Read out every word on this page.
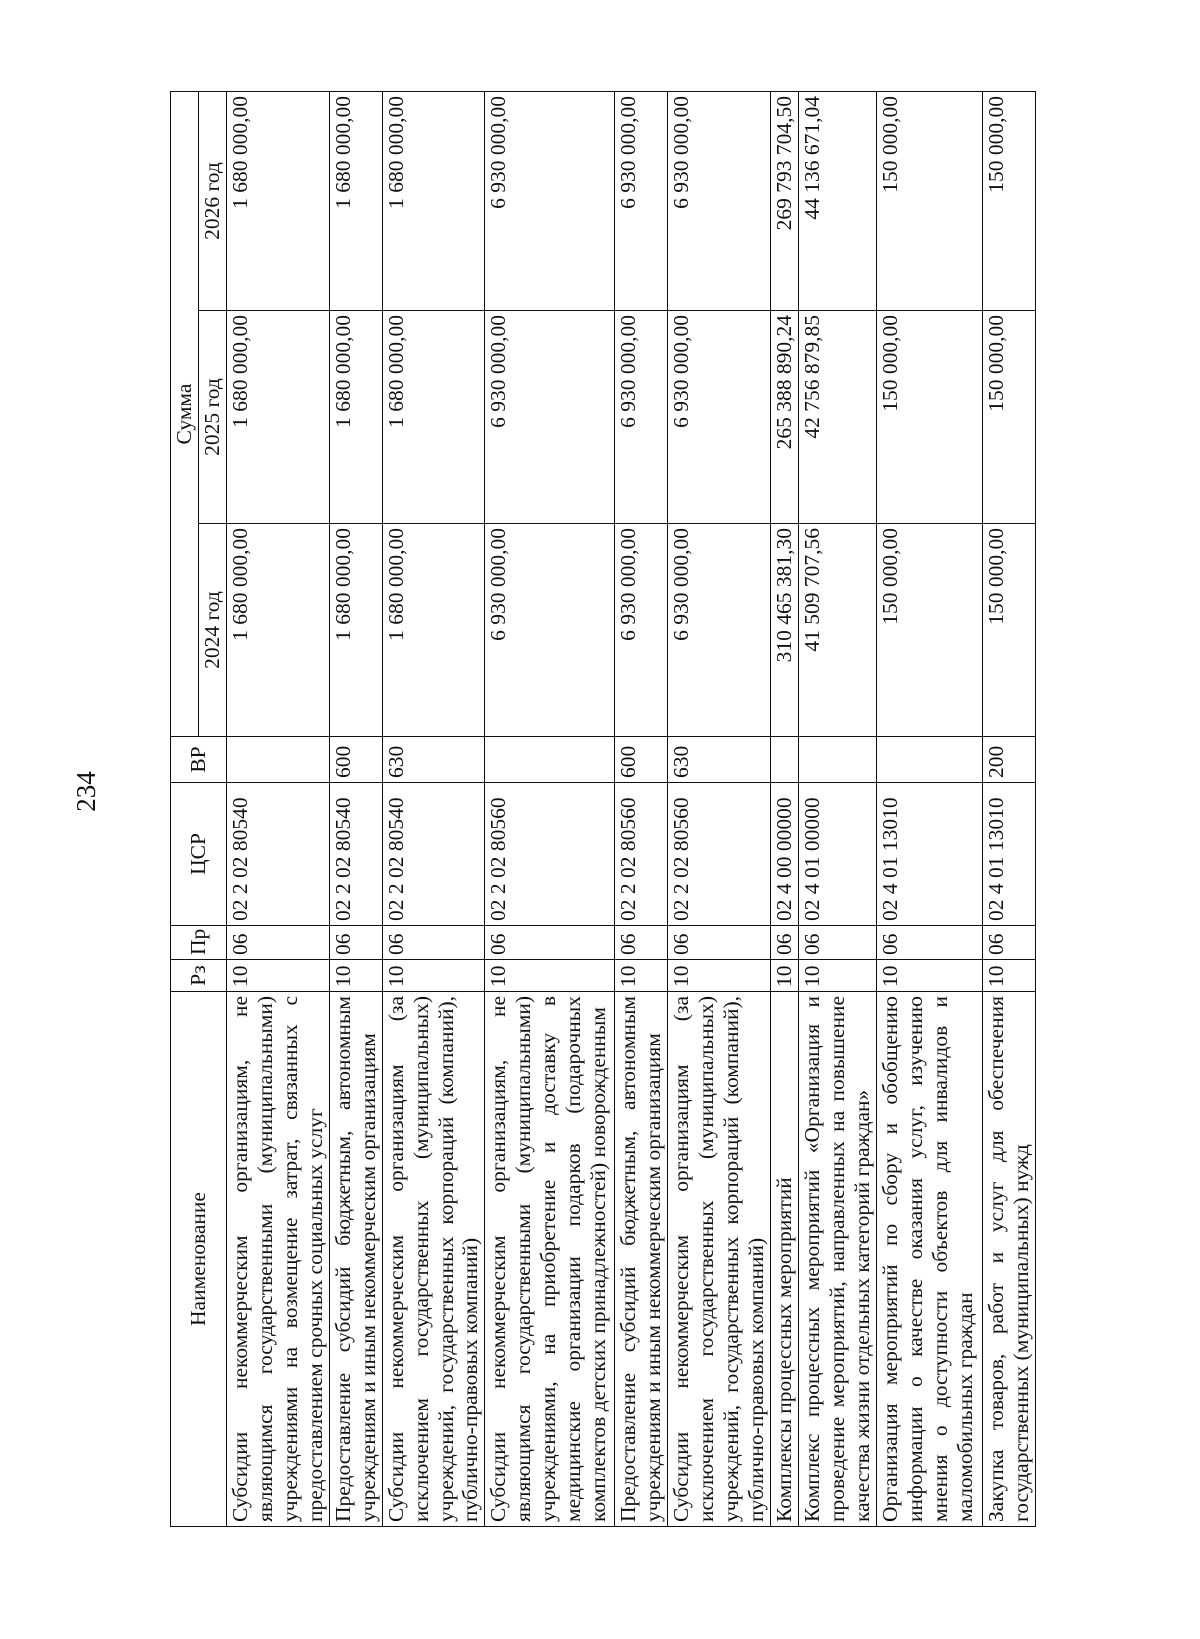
234
Наименование	Рз	Пр	ЦСР	ВР	Сумма		
					2024 год	2025 год	2026 год
Субсидии некоммерческим организациям, не являющимся государственными (муниципальными) учреждениями на возмещение затрат, связанных с предоставлением срочных социальных услуг	10	06	02 2 02 80540		1 680 000,00	1 680 000,00	1 680 000,00
Предоставление субсидий бюджетным, автономным учреждениям и иным некоммерческим организациям	10	06	02 2 02 80540	600	1 680 000,00	1 680 000,00	1 680 000,00
Субсидии некоммерческим организациям (за исключением государственных (муниципальных) учреждений, государственных корпораций (компаний), публично-правовых компаний)	10	06	02 2 02 80540	630	1 680 000,00	1 680 000,00	1 680 000,00
Субсидии некоммерческим организациям, не являющимся государственными (муниципальными) учреждениями, на приобретение и доставку в медицинские организации подарков (подарочных комплектов детских принадлежностей) новорожденным	10	06	02 2 02 80560		6 930 000,00	6 930 000,00	6 930 000,00
Предоставление субсидий бюджетным, автономным учреждениям и иным некоммерческим организациям	10	06	02 2 02 80560	600	6 930 000,00	6 930 000,00	6 930 000,00
Субсидии некоммерческим организациям (за исключением государственных (муниципальных) учреждений, государственных корпораций (компаний), публично-правовых компаний)	10	06	02 2 02 80560	630	6 930 000,00	6 930 000,00	6 930 000,00
Комплексы процессных мероприятий	10	06	02 4 00 00000		310 465 381,30	265 388 890,24	269 793 704,50
Комплекс процессных мероприятий «Организация и проведение мероприятий, направленных на повышение качества жизни отдельных категорий граждан»	10	06	02 4 01 00000		41 509 707,56	42 756 879,85	44 136 671,04
Организация мероприятий по сбору и обобщению информации о качестве оказания услуг, изучению мнения о доступности объектов для инвалидов и маломобильных граждан	10	06	02 4 01 13010		150 000,00	150 000,00	150 000,00
Закупка товаров, работ и услуг для обеспечения государственных (муниципальных) нужд	10	06	02 4 01 13010	200	150 000,00	150 000,00	150 000,00
